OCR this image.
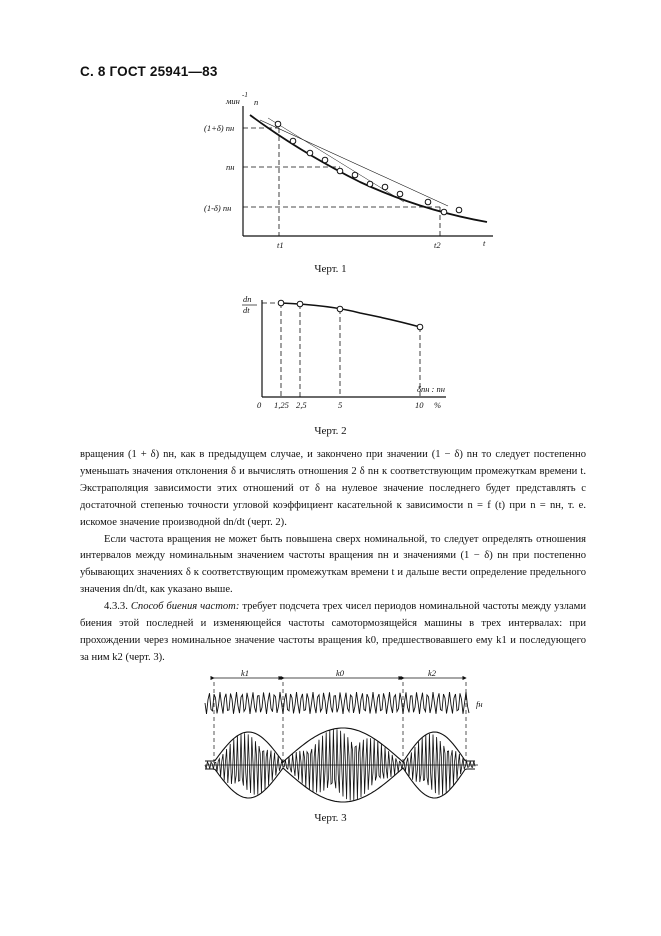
С. 8 ГОСТ 25941—83
мин
-1
n
(1+δ) nн
nн
(1-δ) nн
t1	t2	t
Черт. 1
dn
dt
δnн : nн
0 1,25 2,5	5	10 %
Черт. 2

вращения (1 + δ) nн, как в предыдущем случае, и закончено при значении (1 − δ) nн то следует постепенно уменьшать значения отклонения δ и вычислять отношения 2 δ nн к соответствующим промежуткам времени t. Экстраполяция зависимости этих отношений от δ на нулевое значение последнего будет представлять с достаточной степенью точности угловой коэффициент касательной к зависимости n = f (t) при n = nн, т. е. искомое значение производной dn/dt (черт. 2).

Если частота вращения не может быть повышена сверх номинальной, то следует определять отношения интервалов между номинальным значением частоты вращения nн и значениями (1 − δ) nн при постепенно убывающих значениях δ к соответствующим промежуткам времени t и дальше вести определение предельного значения dn/dt, как указано выше.

4.3.3. Способ биения частот: требует подсчета трех чисел периодов номинальной частоты между узлами биения этой последней и изменяющейся частоты самотормозящейся машины в трех интервалах: при прохождении через номинальное значение частоты вращения k0, предшествовавшего ему k1 и последующего за ним k2 (черт. 3).

k1	k0	k2
fн
Черт. 3
